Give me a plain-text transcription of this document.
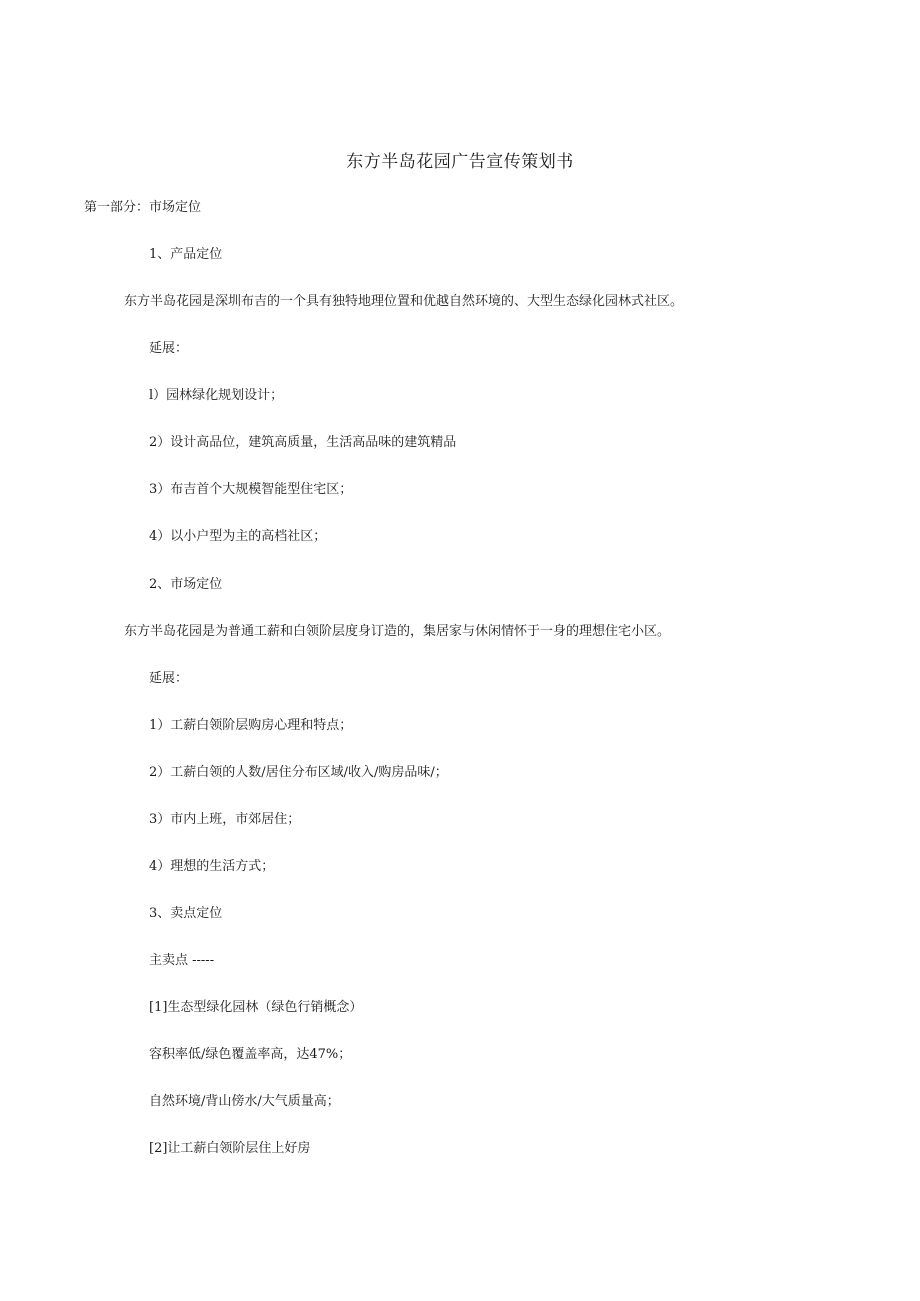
东方半岛花园广告宣传策划书
第一部分：市场定位
1、产品定位
东方半岛花园是深圳布吉的一个具有独特地理位置和优越自然环境的、大型生态绿化园林式社区。
延展：
l）园林绿化规划设计；
2）设计高品位，建筑高质量，生活高品味的建筑精品
3）布吉首个大规模智能型住宅区；
4）以小户型为主的高档社区；
2、市场定位
东方半岛花园是为普通工薪和白领阶层度身订造的，集居家与休闲情怀于一身的理想住宅小区。
延展：
1）工薪白领阶层购房心理和特点；
2）工薪白领的人数/居住分布区域/收入/购房品味/；
3）市内上班，市郊居住；
4）理想的生活方式；
3、卖点定位
主卖点 -----
[1]生态型绿化园林（绿色行销概念）
容积率低/绿色覆盖率高，达47%；
自然环境/背山傍水/大气质量高；
[2]让工薪白领阶层住上好房
